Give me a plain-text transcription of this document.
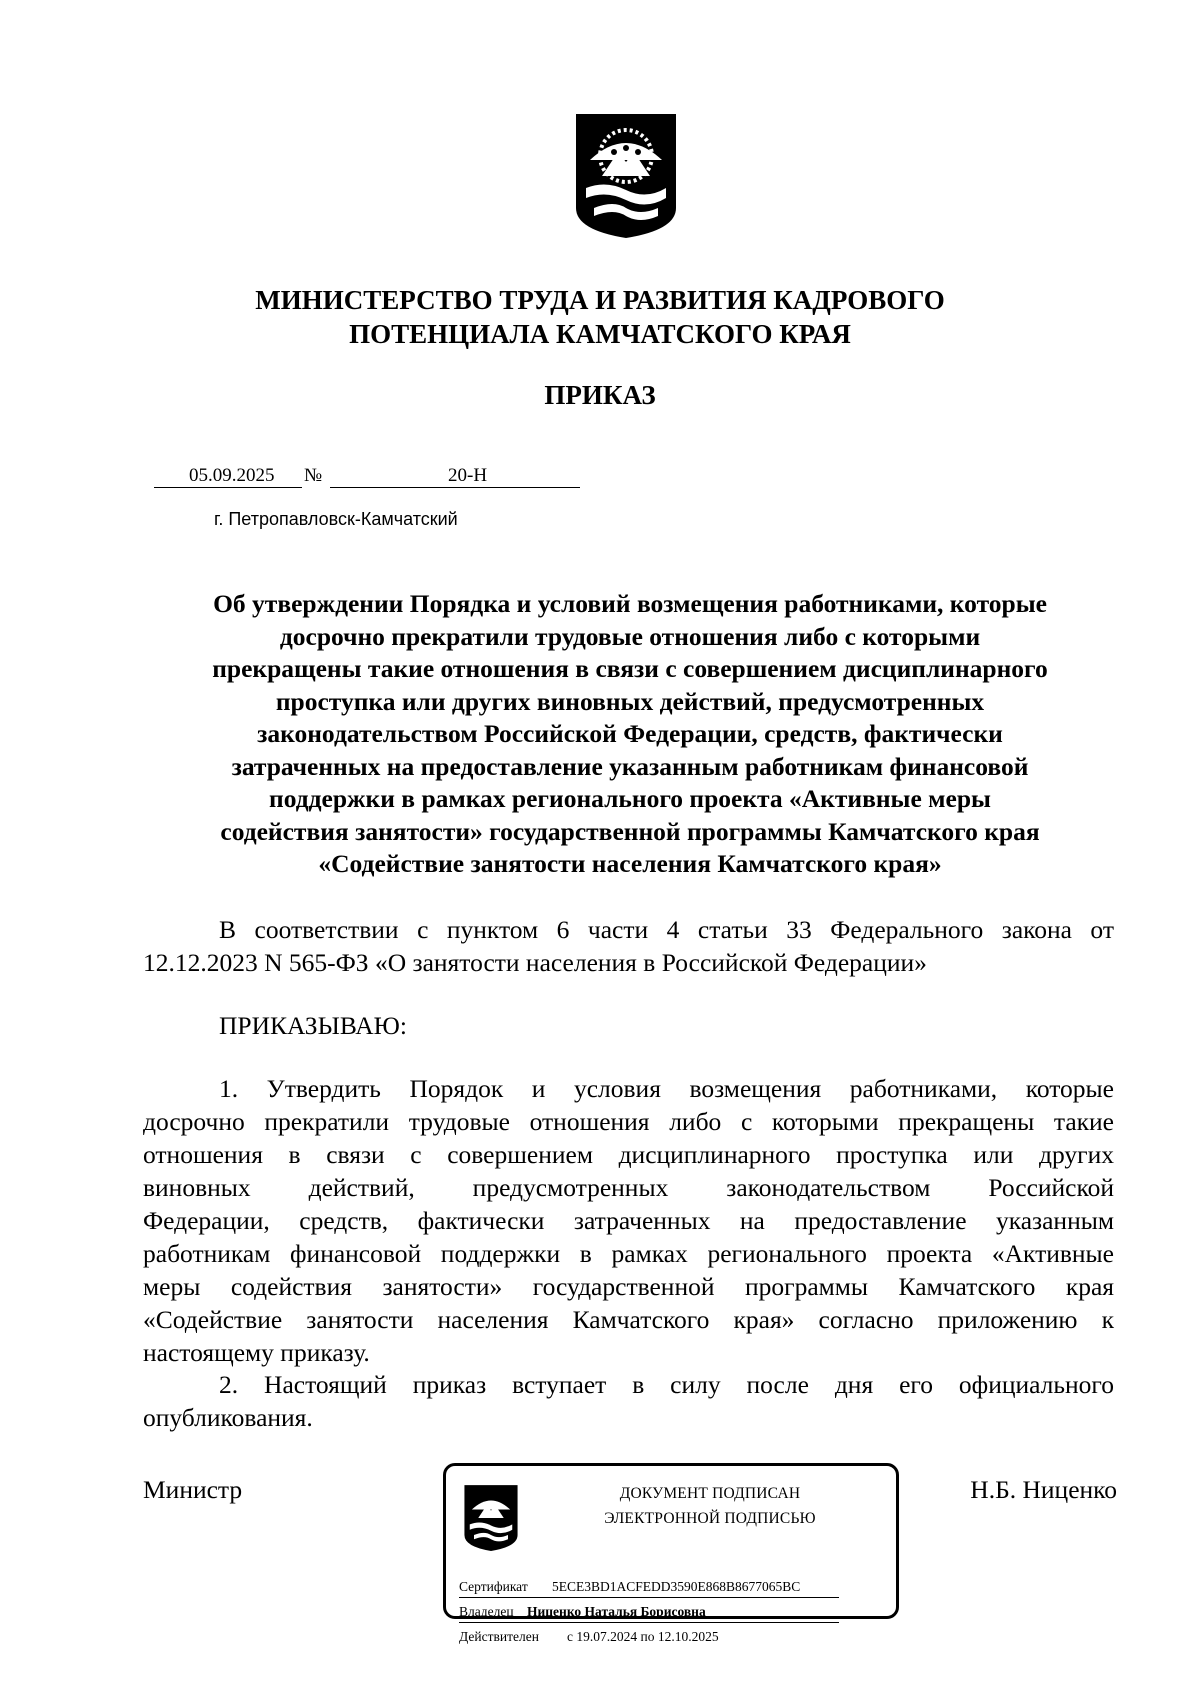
МИНИСТЕРСТВО ТРУДА И РАЗВИТИЯ КАДРОВОГО
ПОТЕНЦИАЛА КАМЧАТСКОГО КРАЯ
ПРИКАЗ
05.09.2025 №	20-Н
г. Петропавловск-Камчатский
Об утверждении Порядка и условий возмещения работниками, которые
досрочно прекратили трудовые отношения либо с которыми
прекращены такие отношения в связи с совершением дисциплинарного
проступка или других виновных действий, предусмотренных
законодательством Российской Федерации, средств, фактически
затраченных на предоставление указанным работникам финансовой
поддержки в рамках регионального проекта «Активные меры
содействия занятости» государственной программы Камчатского края
«Содействие занятости населения Камчатского края»
В соответствии с пунктом 6 части 4 статьи 33 Федерального закона от
12.12.2023 N 565-ФЗ «О занятости населения в Российской Федерации»
ПРИКАЗЫВАЮ:
1. Утвердить Порядок и условия возмещения работниками, которые
досрочно прекратили трудовые отношения либо с которыми прекращены такие
отношения в связи с совершением дисциплинарного проступка или других
виновных действий, предусмотренных законодательством Российской
Федерации, средств, фактически затраченных на предоставление указанным
работникам финансовой поддержки в рамках регионального проекта «Активные
меры содействия занятости» государственной программы Камчатского края
«Содействие занятости населения Камчатского края» согласно приложению к
настоящему приказу.
2. Настоящий приказ вступает в силу после дня его официального
опубликования.
Министр	Н.Б. Ниценко
ДОКУМЕНТ ПОДПИСАН
ЭЛЕКТРОННОЙ ПОДПИСЬЮ
Сертификат 5ECE3BD1ACFEDD3590E868B8677065BC
Владелец Ниценко Наталья Борисовна
Действителен с 19.07.2024 по 12.10.2025
